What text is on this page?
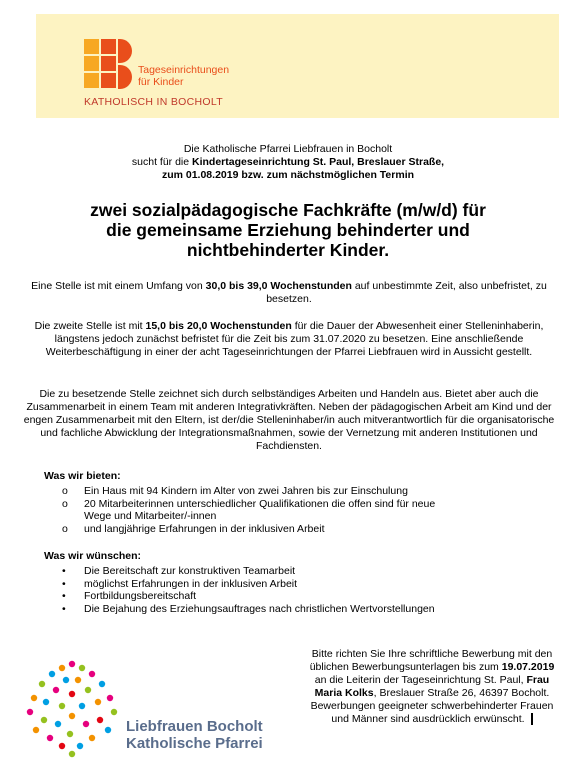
Tageseinrichtungen
für Kinder
KATHOLISCH IN BOCHOLT
Die Katholische Pfarrei Liebfrauen in Bocholt
sucht für die Kindertageseinrichtung St. Paul, Breslauer Straße,
zum 01.08.2019 bzw. zum nächstmöglichen Termin
zwei sozialpädagogische Fachkräfte (m/w/d) für
die gemeinsame Erziehung behinderter und
nichtbehinderter Kinder.
Eine Stelle ist mit einem Umfang von 30,0 bis 39,0 Wochenstunden auf unbestimmte Zeit, also unbefristet, zu besetzen.
Die zweite Stelle ist mit 15,0 bis 20,0 Wochenstunden für die Dauer der Abwesenheit einer Stelleninhaberin, längstens jedoch zunächst befristet für die Zeit bis zum 31.07.2020 zu besetzen. Eine anschließende Weiterbeschäftigung in einer der acht Tageseinrichtungen der Pfarrei Liebfrauen wird in Aussicht gestellt.
Die zu besetzende Stelle zeichnet sich durch selbständiges Arbeiten und Handeln aus. Bietet aber auch die Zusammenarbeit in einem Team mit anderen Integrativkräften. Neben der pädagogischen Arbeit am Kind und der engen Zusammenarbeit mit den Eltern, ist der/die Stelleninhaber/in auch mitverantwortlich für die organisatorische und fachliche Abwicklung der Integrationsmaßnahmen, sowie der Vernetzung mit anderen Institutionen und Fachdiensten.
Was wir bieten:
o Ein Haus mit 94 Kindern im Alter von zwei Jahren bis zur Einschulung
o 20 Mitarbeiterinnen unterschiedlicher Qualifikationen die offen sind für neue Wege und Mitarbeiter/-innen
o und langjährige Erfahrungen in der inklusiven Arbeit
Was wir wünschen:
• Die Bereitschaft zur konstruktiven Teamarbeit
• möglichst Erfahrungen in der inklusiven Arbeit
• Fortbildungsbereitschaft
• Die Bejahung des Erziehungsauftrages nach christlichen Wertvorstellungen
Liebfrauen Bocholt
Katholische Pfarrei
Bitte richten Sie Ihre schriftliche Bewerbung mit den üblichen Bewerbungsunterlagen bis zum 19.07.2019 an die Leiterin der Tageseinrichtung St. Paul, Frau Maria Kolks, Breslauer Straße 26, 46397 Bocholt. Bewerbungen geeigneter schwerbehinderter Frauen und Männer sind ausdrücklich erwünscht.
